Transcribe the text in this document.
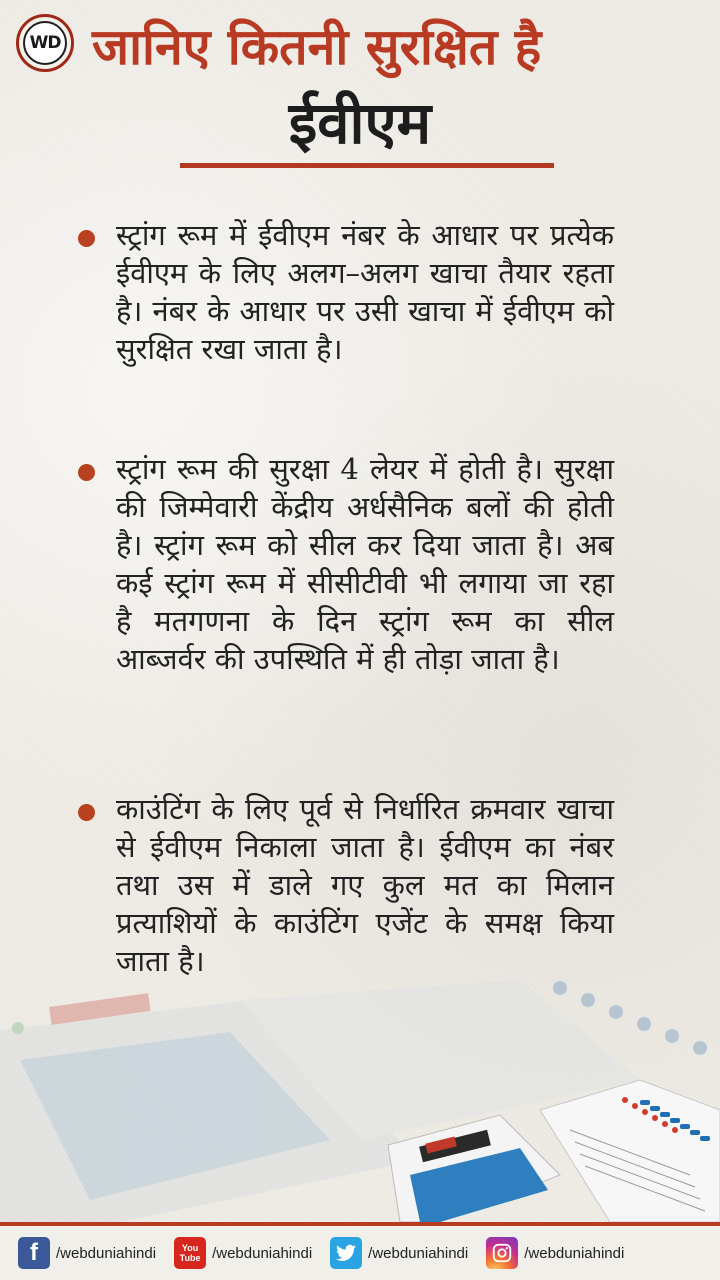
WD जानिए कितनी सुरक्षित है
ईवीएम

स्ट्रांग रूम में ईवीएम नंबर के आधार पर प्रत्येक ईवीएम के लिए अलग–अलग खाचा तैयार रहता है। नंबर के आधार पर उसी खाचा में ईवीएम को सुरक्षित रखा जाता है।

स्ट्रांग रूम की सुरक्षा 4 लेयर में होती है। सुरक्षा की जिम्मेवारी केंद्रीय अर्धसैनिक बलों की होती है। स्ट्रांग रूम को सील कर दिया जाता है। अब कई स्ट्रांग रूम में सीसीटीवी भी लगाया जा रहा है मतगणना के दिन स्ट्रांग रूम का सील आब्जर्वर की उपस्थिति में ही तोड़ा जाता है।

काउंटिंग के लिए पूर्व से निर्धारित क्रमवार खाचा से ईवीएम निकाला जाता है। ईवीएम का नंबर तथा उस में डाले गए कुल मत का मिलान प्रत्याशियों के काउंटिंग एजेंट के समक्ष किया जाता है।

f	/webduniahindi	You
Tube /webduniahindi	/webduniahindi	/webduniahindi
